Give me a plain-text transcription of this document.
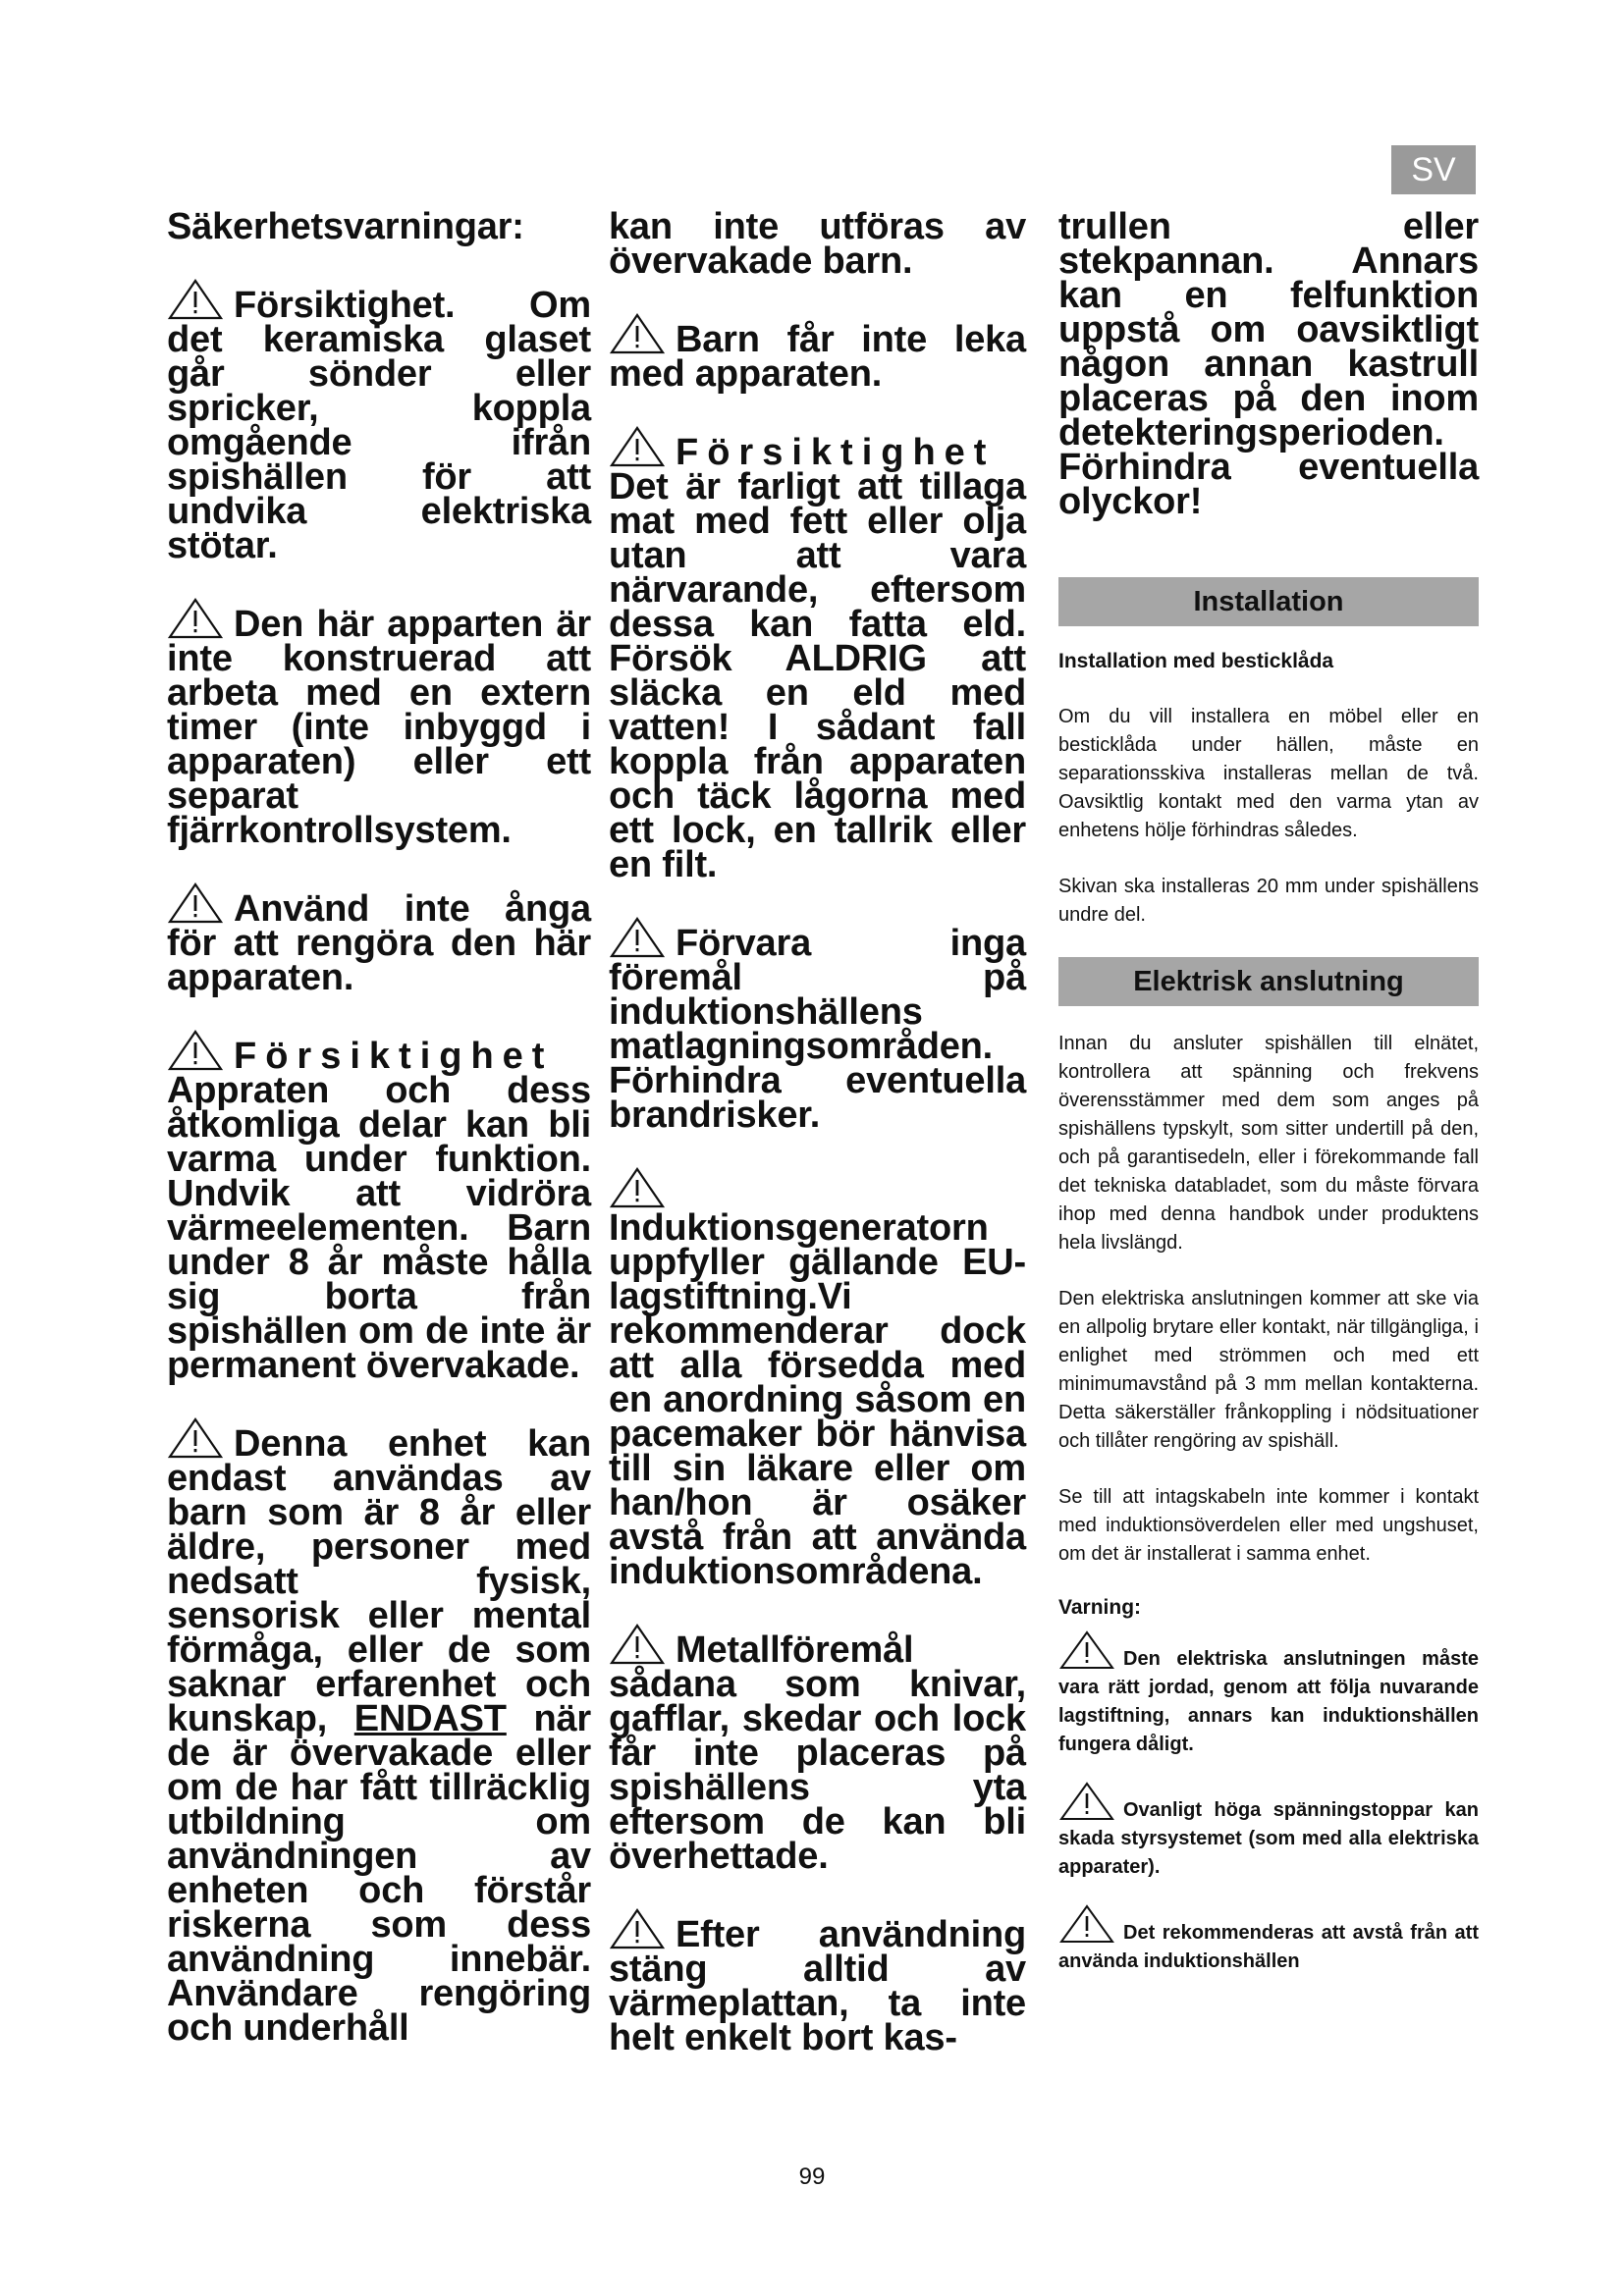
SV
Säkerhetsvarningar:

Försiktighet. Om det keramiska glaset går sönder eller spricker, koppla omgående ifrån spishällen för att undvika elektriska stötar.

Den här apparten är inte konstruerad att arbeta med en extern timer (inte inbyggd i apparaten) eller ett separat fjärrkontrollsystem.

Använd inte ånga för att rengöra den här apparaten.

Försiktighet Appraten och dess åtkomliga delar kan bli varma under funktion. Undvik att vidröra värmeelementen. Barn under 8 år måste hålla sig borta från spishällen om de inte är permanent övervakade.

Denna enhet kan endast användas av barn som är 8 år eller äldre, personer med nedsatt fysisk, sensorisk eller mental förmåga, eller de som saknar erfarenhet och kunskap, ENDAST när de är övervakade eller om de har fått tillräcklig utbildning om användningen av enheten och förstår riskerna som dess användning innebär. Användare rengöring och underhåll

kan inte utföras av övervakade barn.

Barn får inte leka med apparaten.

Försiktighet Det är farligt att tillaga mat med fett eller olja utan att vara närvarande, eftersom dessa kan fatta eld. Försök ALDRIG att släcka en eld med vatten! I sådant fall koppla från apparaten och täck lågorna med ett lock, en tallrik eller en filt.

Förvara inga föremål på induktionshällens matlagningsområden. Förhindra eventuella brandrisker.

Induktionsgeneratorn uppfyller gällande EU-lagstiftning.Vi rekommenderar dock att alla försedda med en anordning såsom en pacemaker bör hänvisa till sin läkare eller om han/hon är osäker avstå från att använda induktionsområdena.

Metallföremål sådana som knivar, gafflar, skedar och lock får inte placeras på spishällens yta eftersom de kan bli överhettade.

Efter användning stäng alltid av värmeplattan, ta inte helt enkelt bort kas-

trullen eller stekpannan. Annars kan en felfunktion uppstå om oavsiktligt någon annan kastrull placeras på den inom detekteringsperioden. Förhindra eventuella olyckor!

Installation
Installation med besticklåda

Om du vill installera en möbel eller en besticklåda under hällen, måste en separationsskiva installeras mellan de två. Oavsiktlig kontakt med den varma ytan av enhetens hölje förhindras således.

Skivan ska installeras 20 mm under spishällens undre del.

Elektrisk anslutning

Innan du ansluter spishällen till elnätet, kontrollera att spänning och frekvens överensstämmer med dem som anges på spishällens typskylt, som sitter undertill på den, och på garantisedeln, eller i förekommande fall det tekniska databladet, som du måste förvara ihop med denna handbok under produktens hela livslängd.

Den elektriska anslutningen kommer att ske via en allpolig brytare eller kontakt, när tillgängliga, i enlighet med strömmen och med ett minimumavstånd på 3 mm mellan kontakterna. Detta säkerställer frånkoppling i nödsituationer och tillåter rengöring av spishäll.

Se till att intagskabeln inte kommer i kontakt med induktionsöverdelen eller med ungshuset, om det är installerat i samma enhet.

Varning:

Den elektriska anslutningen måste vara rätt jordad, genom att följa nuvarande lagstiftning, annars kan induktionshällen fungera dåligt.

Ovanligt höga spänningstoppar kan skada styrsystemet (som med alla elektriska apparater).

Det rekommenderas att avstå från att använda induktionshällen

99
